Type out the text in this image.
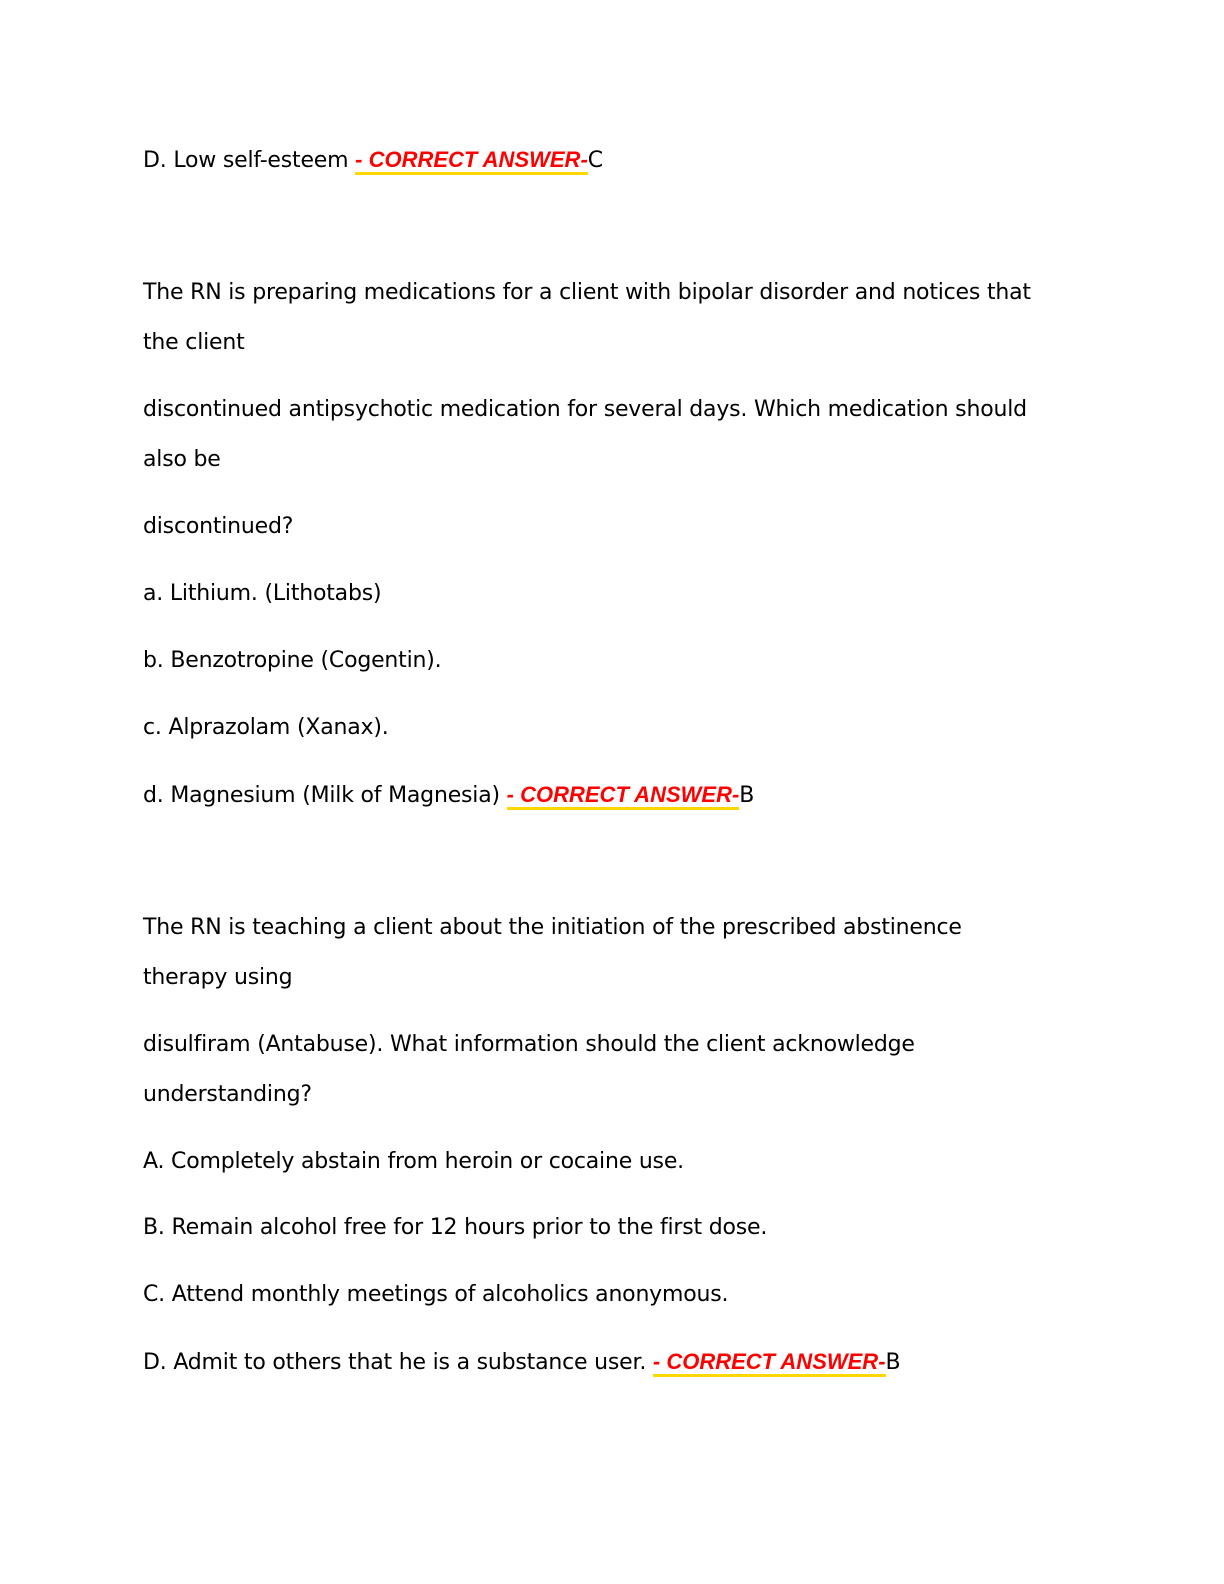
D. Low self-esteem - CORRECT ANSWER-C
The RN is preparing medications for a client with bipolar disorder and notices that
the client
discontinued antipsychotic medication for several days. Which medication should
also be
discontinued?
a. Lithium. (Lithotabs)
b. Benzotropine (Cogentin).
c. Alprazolam (Xanax).
d. Magnesium (Milk of Magnesia) - CORRECT ANSWER-B
The RN is teaching a client about the initiation of the prescribed abstinence
therapy using
disulfiram (Antabuse). What information should the client acknowledge
understanding?
A. Completely abstain from heroin or cocaine use.
B. Remain alcohol free for 12 hours prior to the first dose.
C. Attend monthly meetings of alcoholics anonymous.
D. Admit to others that he is a substance user. - CORRECT ANSWER-B
